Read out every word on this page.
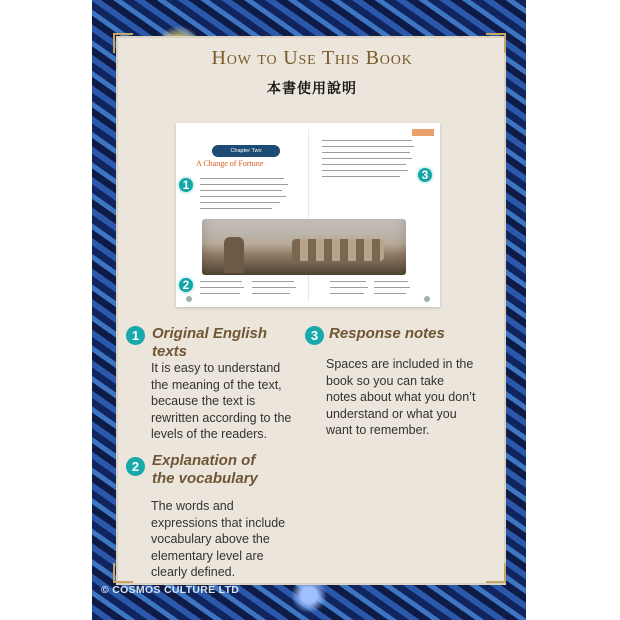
How to Use This Book
本書使用說明
Chapter Two
A Change of Fortune
1
2
3
1 Original English texts
It is easy to understand the meaning of the text, because the text is rewritten according to the levels of the readers.
2 Explanation of the vocabulary
The words and expressions that include vocabulary above the elementary level are clearly defined.
3 Response notes
Spaces are included in the book so you can take notes about what you don’t understand or what you want to remember.
© COSMOS CULTURE LTD
